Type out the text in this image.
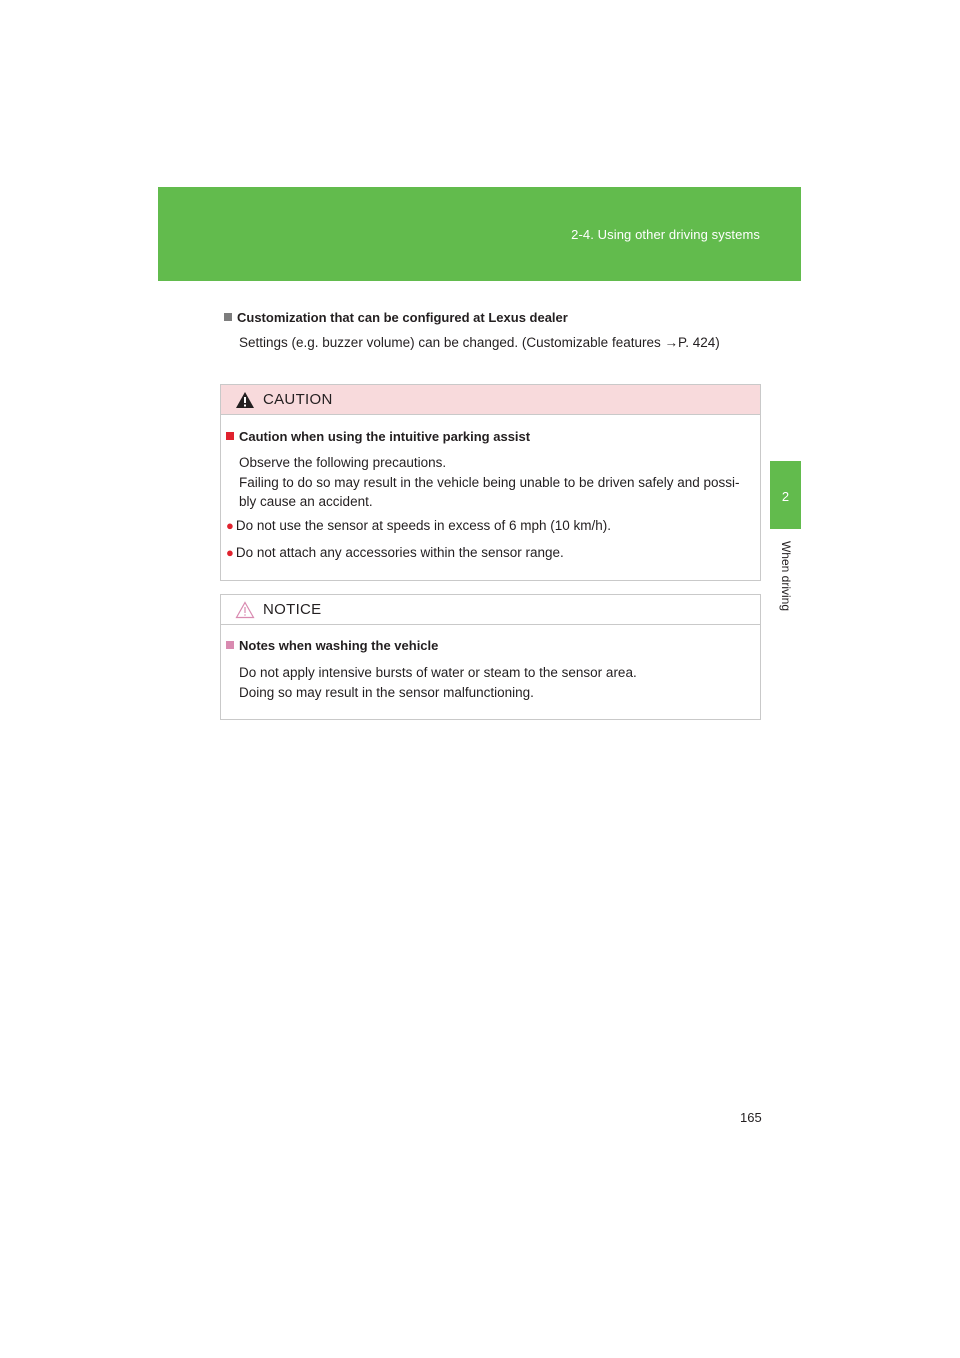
2-4. Using other driving systems
2
When driving
Customization that can be configured at Lexus dealer
Settings (e.g. buzzer volume) can be changed. (Customizable features →P. 424)
CAUTION
Caution when using the intuitive parking assist
Observe the following precautions.
Failing to do so may result in the vehicle being unable to be driven safely and possi-
bly cause an accident.
● Do not use the sensor at speeds in excess of 6 mph (10 km/h).
● Do not attach any accessories within the sensor range.
NOTICE
Notes when washing the vehicle
Do not apply intensive bursts of water or steam to the sensor area.
Doing so may result in the sensor malfunctioning.
165
